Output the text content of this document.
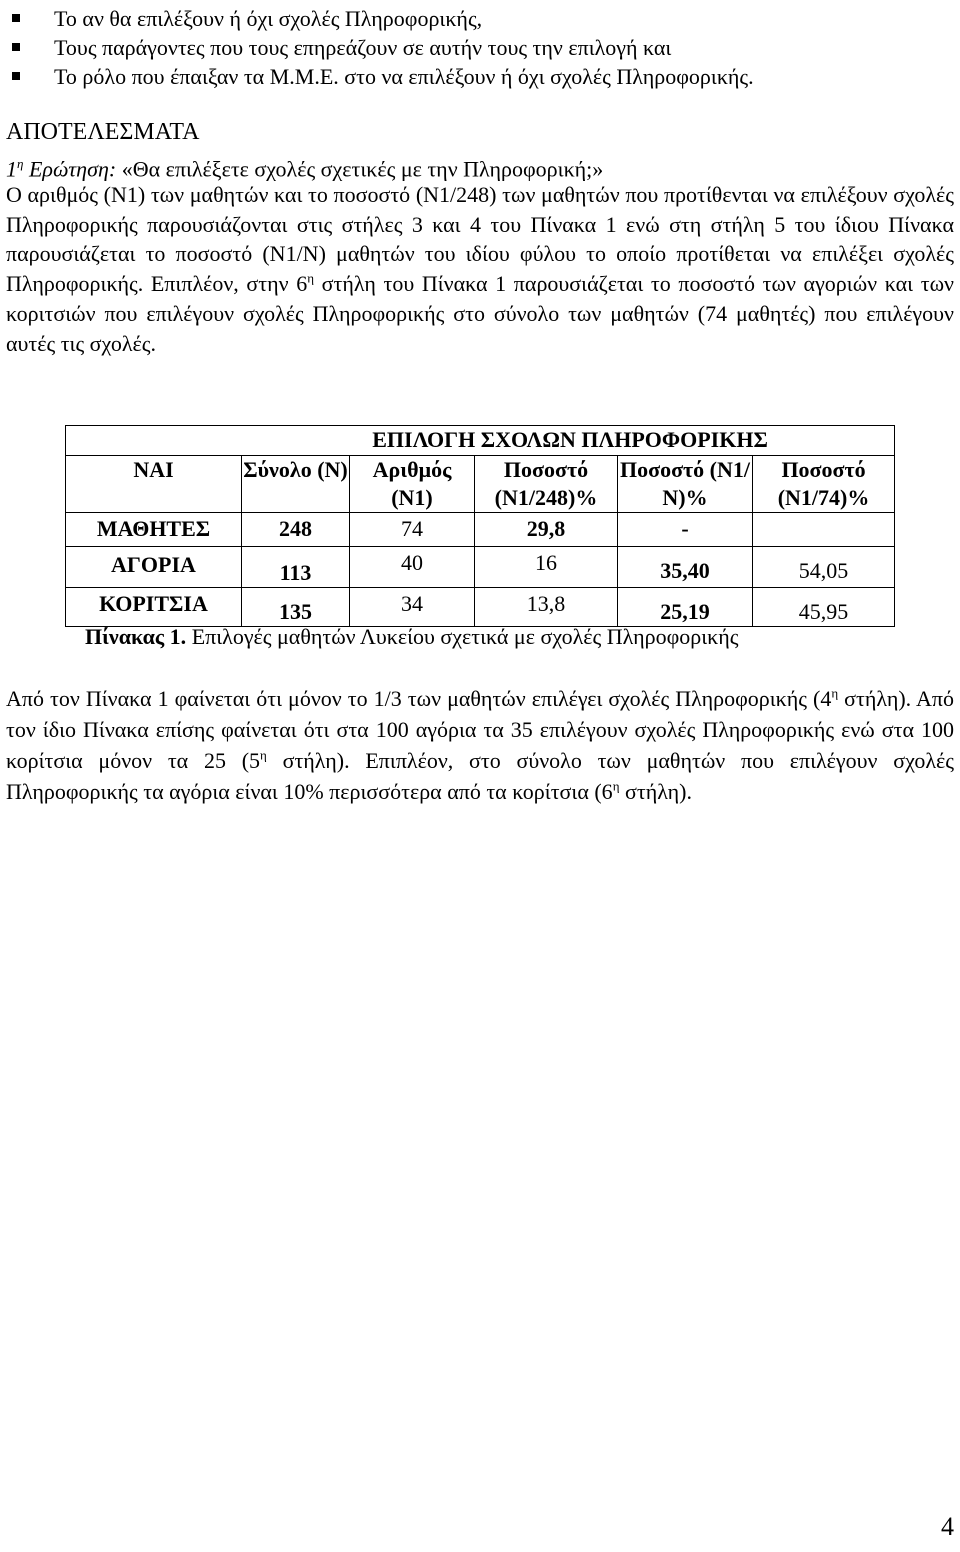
Το αν θα επιλέξουν ή όχι σχολές Πληροφορικής,
Τους παράγοντες που τους επηρεάζουν σε αυτήν τους την επιλογή και
Το ρόλο που έπαιξαν τα Μ.Μ.Ε. στο να επιλέξουν ή όχι σχολές Πληροφορικής.
ΑΠΟΤΕΛΕΣΜΑΤΑ
$1^\eta$ Ερώτηση: «Θα επιλέξετε σχολές σχετικές με την Πληροφορική;»

Ο αριθμός (Ν1) των μαθητών και το ποσοστό (Ν1/248) των μαθητών που προτίθενται να επιλέξουν σχολές Πληροφορικής παρουσιάζονται στις στήλες 3 και 4 του Πίνακα 1 ενώ στη στήλη 5 του ίδιου Πίνακα παρουσιάζεται το ποσοστό (Ν1/Ν) μαθητών του ιδίου φύλου το οποίο προτίθεται να επιλέξει σχολές Πληροφορικής. Επιπλέον, στην $6^\eta$ στήλη του Πίνακα 1 παρουσιάζεται το ποσοστό των αγοριών και των κοριτσιών που επιλέγουν σχολές Πληροφορικής στο σύνολο των μαθητών (74 μαθητές) που επιλέγουν αυτές τις σχολές.

ΕΠΙΛΟΓΗ ΣΧΟΛΩΝ ΠΛΗΡΟΦΟΡΙΚΗΣ					
ΝΑΙ	Σύνολο (Ν)	Αριθμός (Ν1)	Ποσοστό (Ν1/248)%	Ποσοστό (Ν1/Ν)%	Ποσοστό (Ν1/74)%
ΜΑΘΗΤΕΣ	248	74	29,8	-	
ΑΓΟΡΙΑ	113	40	16	35,40	54,05
ΚΟΡΙΤΣΙΑ	135	34	13,8	25,19	45,95
Πίνακας 1. Επιλογές μαθητών Λυκείου σχετικά με σχολές Πληροφορικής

Από τον Πίνακα 1 φαίνεται ότι μόνον το 1/3 των μαθητών επιλέγει σχολές Πληροφορικής ($4^\eta$ στήλη). Από τον ίδιο Πίνακα επίσης φαίνεται ότι στα 100 αγόρια τα 35 επιλέγουν σχολές Πληροφορικής ενώ στα 100 κορίτσια μόνον τα 25 ($5^\eta$ στήλη). Επιπλέον, στο σύνολο των μαθητών που επιλέγουν σχολές Πληροφορικής τα αγόρια είναι 10% περισσότερα από τα κορίτσια ($6^\eta$ στήλη).

4
